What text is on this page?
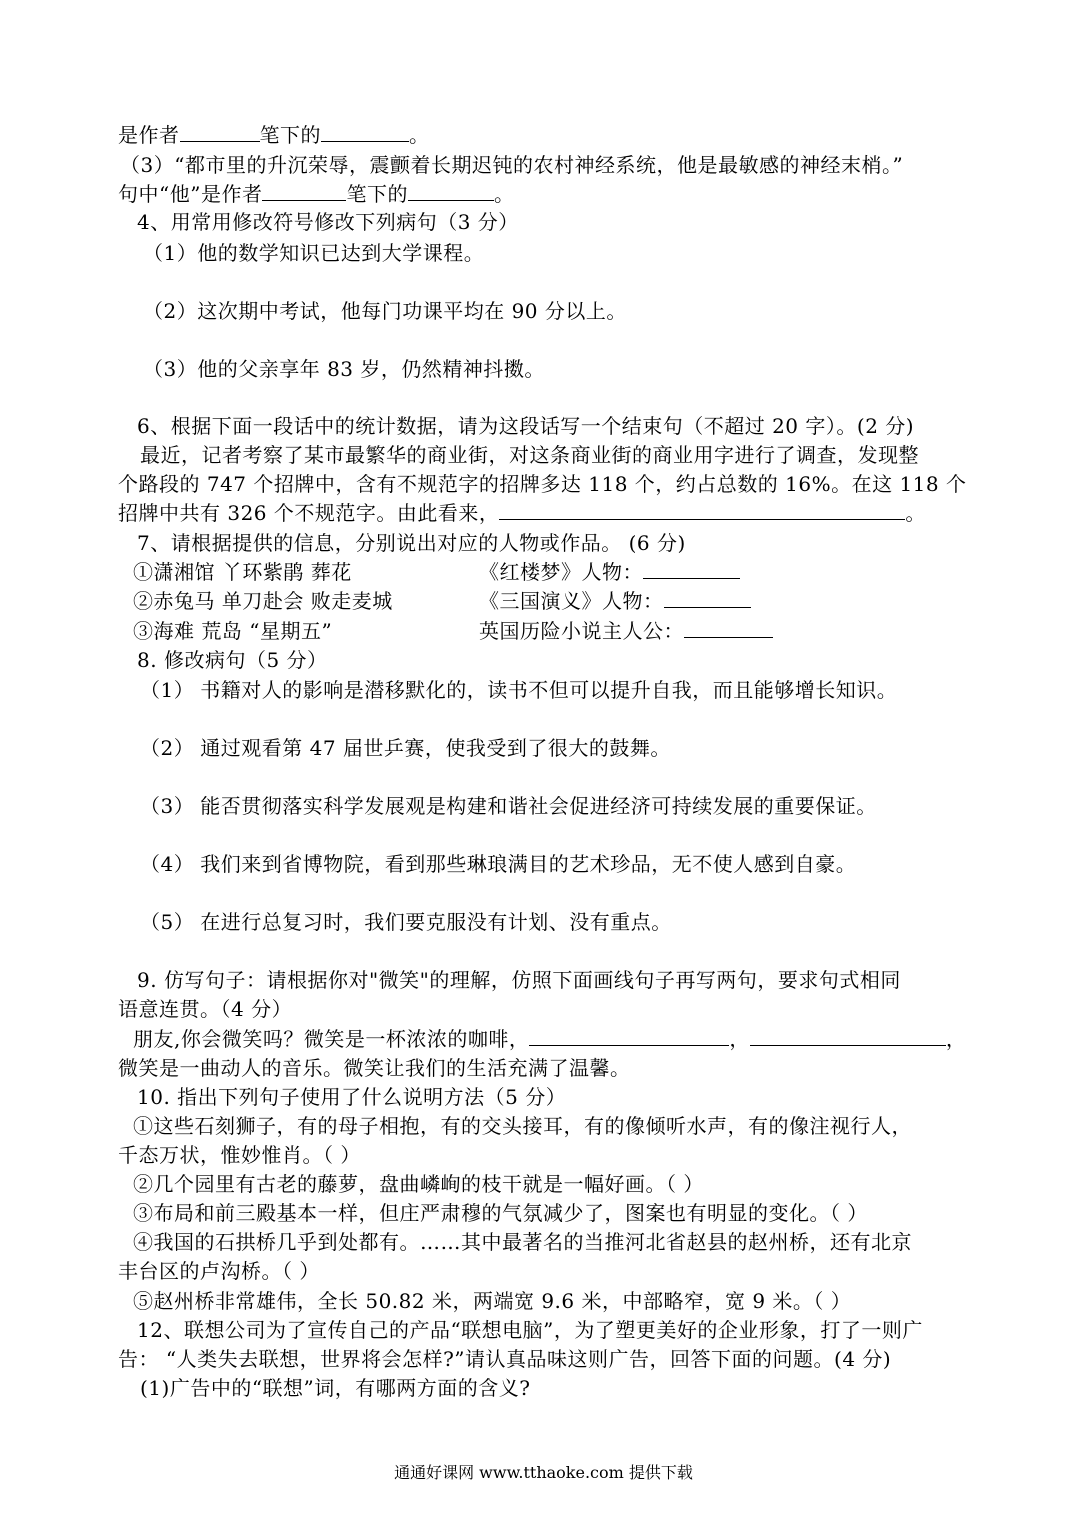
是作者	笔下的	。
（3）“都市里的升沉荣辱，震颤着长期迟钝的农村神经系统，他是最敏感的神经末梢。”
句中“他”是作者	笔下的	。
4、用常用修改符号修改下列病句（3 分）
（1）他的数学知识已达到大学课程。
（2）这次期中考试，他每门功课平均在 90 分以上。
（3）他的父亲享年 83 岁，仍然精神抖擞。
6、根据下面一段话中的统计数据，请为这段话写一个结束句（不超过 20 字）。(2 分)
最近，记者考察了某市最繁华的商业街，对这条商业街的商业用字进行了调查，发现整
个路段的 747 个招牌中，含有不规范字的招牌多达 118 个，约占总数的 16%。在这 118 个
招牌中共有 326 个不规范字。由此看来，	。
7、请根据提供的信息，分别说出对应的人物或作品。 (6 分)
①潇湘馆 丫环紫鹃 葬花	《红楼梦》人物：
②赤兔马 单刀赴会 败走麦城	《三国演义》人物：
③海难 荒岛 “星期五”	英国历险小说主人公：
8. 修改病句（5 分）
（1） 书籍对人的影响是潜移默化的，读书不但可以提升自我，而且能够增长知识。
（2） 通过观看第 47 届世乒赛，使我受到了很大的鼓舞。
（3） 能否贯彻落实科学发展观是构建和谐社会促进经济可持续发展的重要保证。
（4） 我们来到省博物院，看到那些琳琅满目的艺术珍品，无不使人感到自豪。
（5） 在进行总复习时，我们要克服没有计划、没有重点。
9. 仿写句子：请根据你对"微笑"的理解，仿照下面画线句子再写两句，要求句式相同
语意连贯。（4 分）
朋友,你会微笑吗？微笑是一杯浓浓的咖啡，	，	，
微笑是一曲动人的音乐。微笑让我们的生活充满了温馨。
10. 指出下列句子使用了什么说明方法（5 分）
①这些石刻狮子，有的母子相抱，有的交头接耳，有的像倾听水声，有的像注视行人，
千态万状，惟妙惟肖。（ ）
②几个园里有古老的藤萝，盘曲嶙峋的枝干就是一幅好画。（ ）
③布局和前三殿基本一样，但庄严肃穆的气氛减少了，图案也有明显的变化。（ ）
④我国的石拱桥几乎到处都有。……其中最著名的当推河北省赵县的赵州桥，还有北京
丰台区的卢沟桥。（ ）
⑤赵州桥非常雄伟，全长 50.82 米，两端宽 9.6 米，中部略窄，宽 9 米。（ ）
12、联想公司为了宣传自己的产品“联想电脑”，为了塑更美好的企业形象，打了一则广
告： “人类失去联想，世界将会怎样?”请认真品味这则广告，回答下面的问题。(4 分)
(1)广告中的“联想”词，有哪两方面的含义?
通通好课网 www.tthaoke.com 提供下载
